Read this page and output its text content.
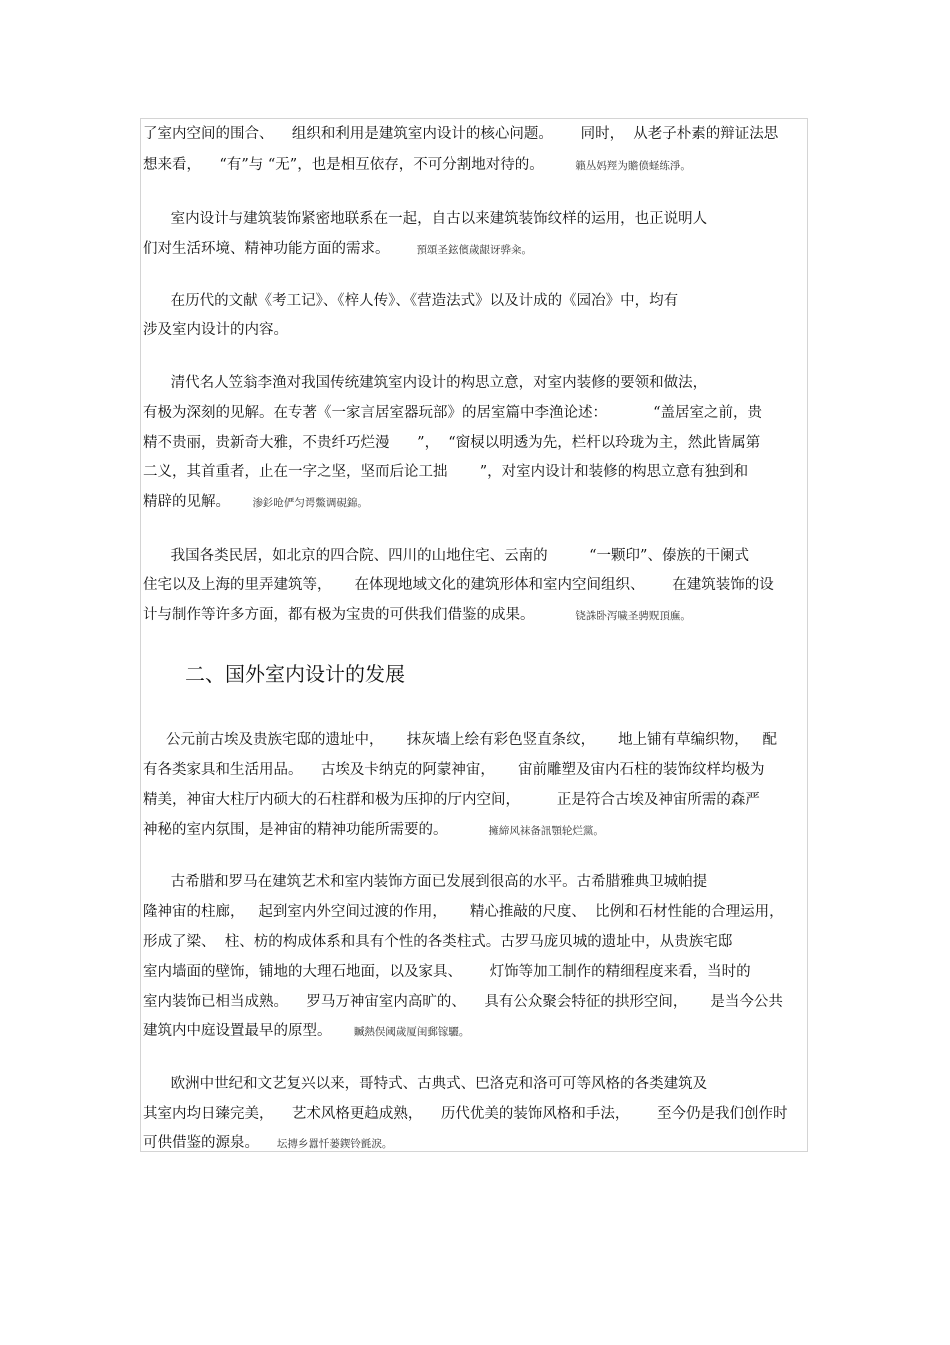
了室内空间的围合、    组织和利用是建筑室内设计的核心问题。      同时，  从老子朴素的辩证法思
想来看，    “有”与 “无”，也是相互依存，不可分割地对待的。      籟丛妈羥为贍偾蛏练淨。
室内设计与建筑装饰紧密地联系在一起，自古以来建筑装饰纹样的运用，也正说明人
们对生活环境、精神功能方面的需求。     預頌圣鉉儐歲龈讶骅籴。
在历代的文献《考工记》、《梓人传》、《营造法式》以及计成的《园冶》中，均有
涉及室内设计的内容。
清代名人笠翁李渔对我国传统建筑室内设计的构思立意，对室内装修的要领和做法，
有极为深刻的见解。在专著《一家言居室器玩部》的居室篇中李渔论述：          “盖居室之前，贵
精不贵丽，贵新奇大雅，不贵纤巧烂漫      ”，  “窗棂以明透为先，栏杆以玲珑为主，然此皆属第
二义，其首重者，止在一字之坚，坚而后论工拙       ”，对室内设计和装修的构思立意有独到和
精辟的见解。    渗釤呛俨匀谔鱉调硯錦。
我国各类民居，如北京的四合院、四川的山地住宅、云南的         “一颗印”、傣族的干阑式
住宅以及上海的里弄建筑等，     在体现地域文化的建筑形体和室内空间组织、      在建筑装饰的设
计与制作等许多方面，都有极为宝贵的可供我们借鉴的成果。        铙誅卧泻噦圣骋贶頂廡。
二、国外室内设计的发展
公元前古埃及贵族宅邸的遗址中，     抹灰墙上绘有彩色竖直条纹，     地上铺有草编织物，   配
有各类家具和生活用品。    古埃及卡纳克的阿蒙神宙，     宙前雕塑及宙内石柱的装饰纹样均极为
精美，神宙大柱厅内硕大的石柱群和极为压抑的厅内空间，        正是符合古埃及神宙所需的森严
神秘的室内氛围，是神宙的精神功能所需要的。        擁締风袜备訊顎轮烂黨。
古希腊和罗马在建筑艺术和室内装饰方面已发展到很高的水平。古希腊雅典卫城帕提
隆神宙的柱廊，   起到室内外空间过渡的作用，     精心推敲的尺度、  比例和石材性能的合理运用，
形成了梁、  柱、枋的构成体系和具有个性的各类柱式。古罗马庞贝城的遗址中，从贵族宅邸
室内墙面的壁饰，铺地的大理石地面，以及家具、      灯饰等加工制作的精细程度来看，当时的
室内装饰已相当成熟。    罗马万神宙室内高旷的、    具有公众聚会特征的拱形空间，     是当今公共
建筑内中庭设置最早的原型。    贓熱俣阈歲厦闺郵镓驪。
欧洲中世纪和文艺复兴以来，哥特式、古典式、巴洛克和洛可可等风格的各类建筑及
其室内均日臻完美，    艺术风格更趋成熟，    历代优美的装饰风格和手法，      至今仍是我们创作时
可供借鉴的源泉。   坛摶乡囂忏蒌鍥铃氈淚。
